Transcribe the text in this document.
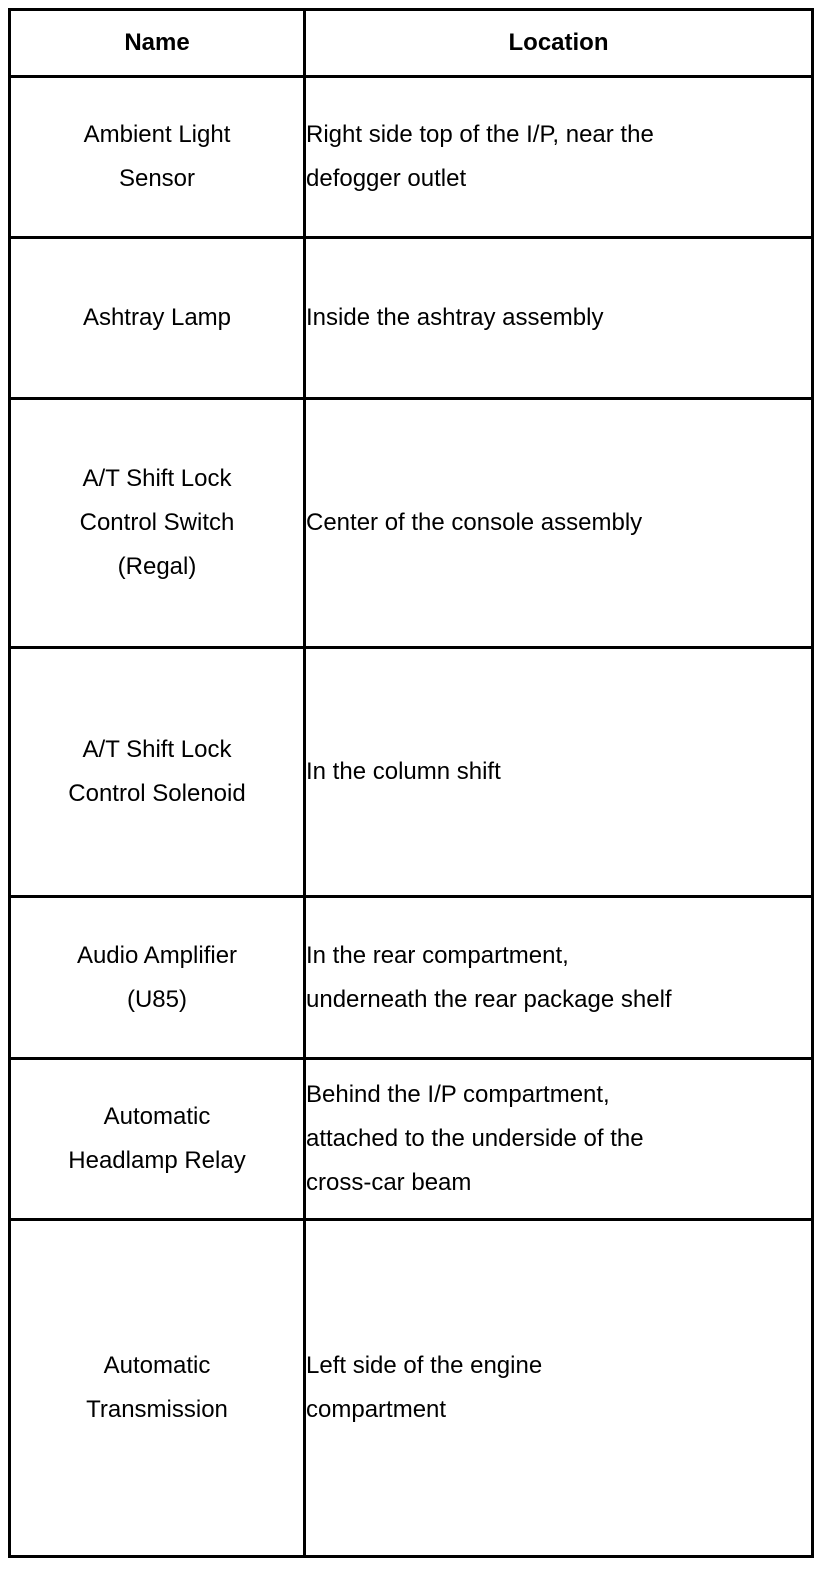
Name	Location

Ambient Light
Sensor	Right side top of the I/P, near the
defogger outlet

Ashtray Lamp	Inside the ashtray assembly

A/T Shift Lock
Control Switch
(Regal)	Center of the console assembly

A/T Shift Lock
Control Solenoid	In the column shift

Audio Amplifier
(U85)	In the rear compartment,
underneath the rear package shelf

Automatic
Headlamp Relay	Behind the I/P compartment,
attached to the underside of the
cross-car beam

Automatic
Transmission	Left side of the engine
compartment
